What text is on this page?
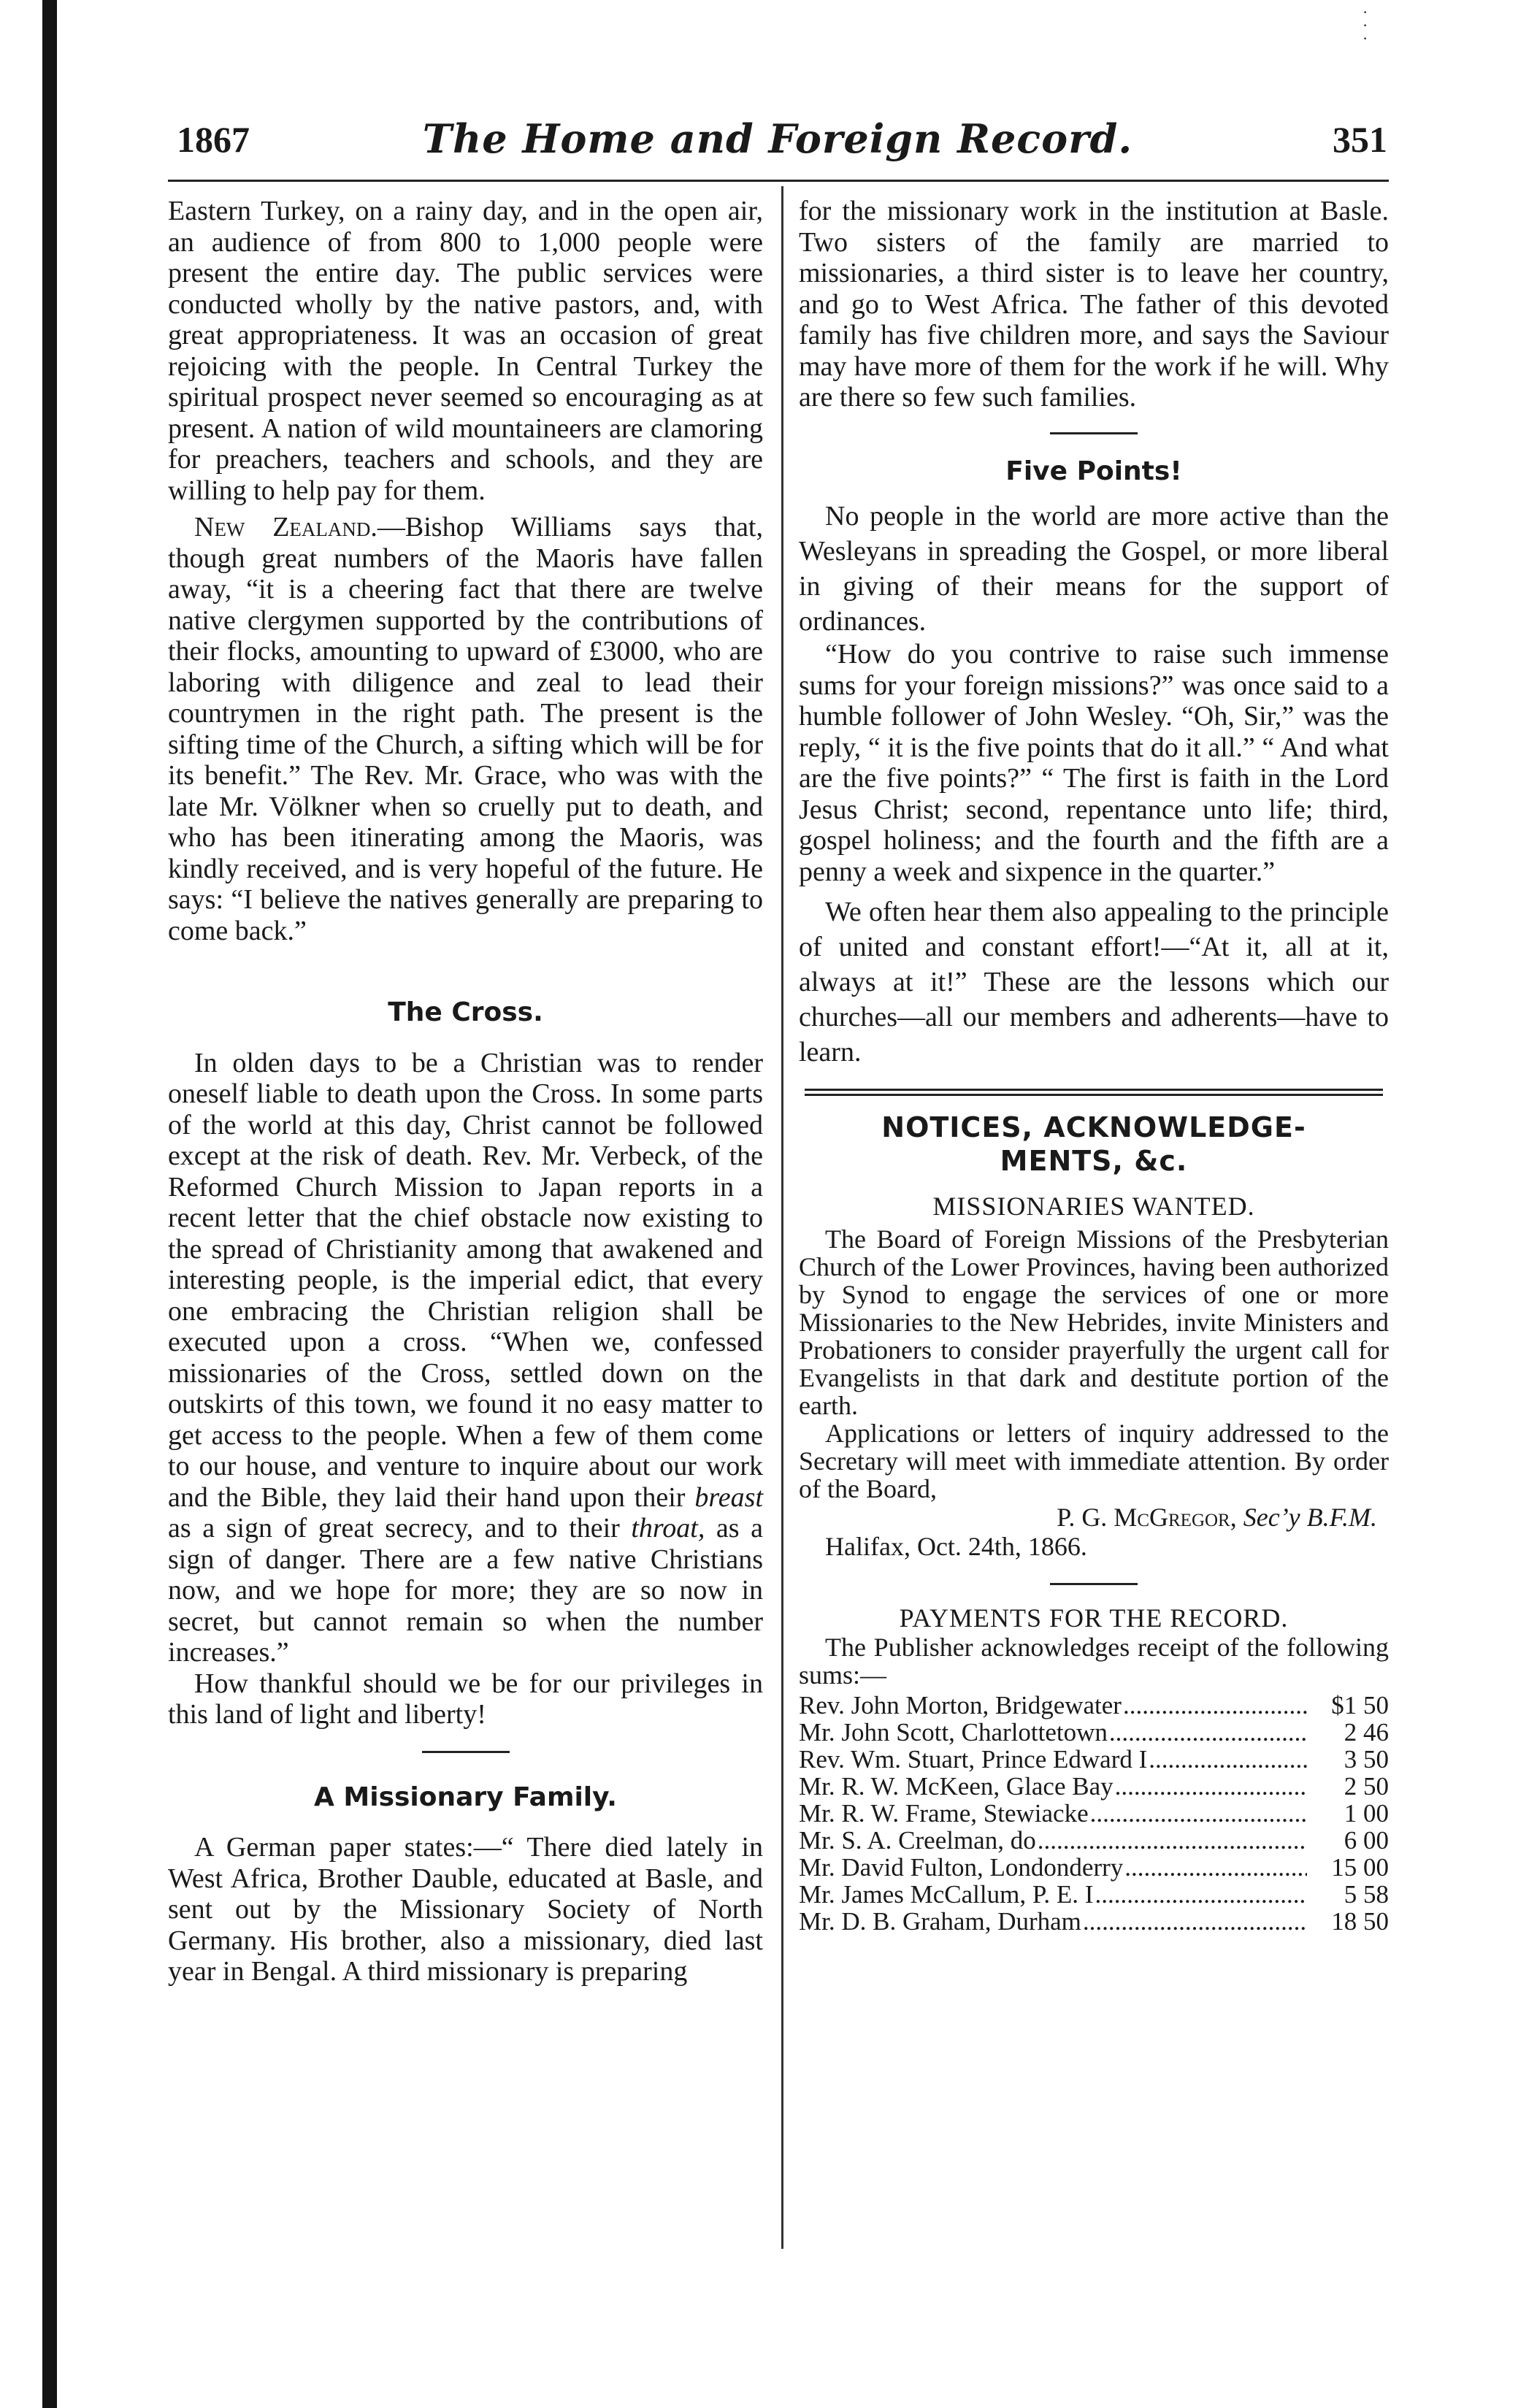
·
·
·
1867	The Home and Foreign Record.	351

Eastern Turkey, on a rainy day, and in the open air, an audience of from 800 to 1,000 people were present the entire day. The public services were conducted wholly by the native pastors, and, with great appropriateness. It was an occasion of great rejoicing with the people. In Central Turkey the spiritual prospect never seemed so encouraging as at present. A nation of wild mountaineers are clamoring for preachers, teachers and schools, and they are willing to help pay for them.

New Zealand.—Bishop Williams says that, though great numbers of the Maoris have fallen away, “it is a cheering fact that there are twelve native clergymen supported by the contributions of their flocks, amounting to upward of £3000, who are laboring with diligence and zeal to lead their countrymen in the right path. The present is the sifting time of the Church, a sifting which will be for its benefit.” The Rev. Mr. Grace, who was with the late Mr. Völkner when so cruelly put to death, and who has been itinerating among the Maoris, was kindly received, and is very hopeful of the future. He says: “I believe the natives generally are preparing to come back.”

The Cross.

In olden days to be a Christian was to render oneself liable to death upon the Cross. In some parts of the world at this day, Christ cannot be followed except at the risk of death. Rev. Mr. Verbeck, of the Reformed Church Mission to Japan reports in a recent letter that the chief obstacle now existing to the spread of Christianity among that awakened and interesting people, is the imperial edict, that every one embracing the Christian religion shall be executed upon a cross. “When we, confessed missionaries of the Cross, settled down on the outskirts of this town, we found it no easy matter to get access to the people. When a few of them come to our house, and venture to inquire about our work and the Bible, they laid their hand upon their breast as a sign of great secrecy, and to their throat, as a sign of danger. There are a few native Christians now, and we hope for more; they are so now in secret, but cannot remain so when the number increases.”

How thankful should we be for our privileges in this land of light and liberty!

A Missionary Family.

A German paper states:—“ There died lately in West Africa, Brother Dauble, educated at Basle, and sent out by the Missionary Society of North Germany. His brother, also a missionary, died last year in Bengal. A third missionary is preparing

for the missionary work in the institution at Basle. Two sisters of the family are married to missionaries, a third sister is to leave her country, and go to West Africa. The father of this devoted family has five children more, and says the Saviour may have more of them for the work if he will. Why are there so few such families.

Five Points!

No people in the world are more active than the Wesleyans in spreading the Gospel, or more liberal in giving of their means for the support of ordinances.

“How do you contrive to raise such immense sums for your foreign missions?” was once said to a humble follower of John Wesley. “Oh, Sir,” was the reply, “ it is the five points that do it all.” “ And what are the five points?” “ The first is faith in the Lord Jesus Christ; second, repentance unto life; third, gospel holiness; and the fourth and the fifth are a penny a week and sixpence in the quarter.”

We often hear them also appealing to the principle of united and constant effort!—“At it, all at it, always at it!” These are the lessons which our churches—all our members and adherents—have to learn.

NOTICES, ACKNOWLEDGE-
MENTS, &c.
MISSIONARIES WANTED.

The Board of Foreign Missions of the Presbyterian Church of the Lower Provinces, having been authorized by Synod to engage the services of one or more Missionaries to the New Hebrides, invite Ministers and Probationers to consider prayerfully the urgent call for Evangelists in that dark and destitute portion of the earth.

Applications or letters of inquiry addressed to the Secretary will meet with immediate attention. By order of the Board,

P. G. McGregor, Sec’y B.F.M.

Halifax, Oct. 24th, 1866.

PAYMENTS FOR THE RECORD.

The Publisher acknowledges receipt of the following sums:—

Rev. John Morton, Bridgewater .....	$1 50
Mr. John Scott, Charlottetown .....	2 46
Rev. Wm. Stuart, Prince Edward I .....	3 50
Mr. R. W. McKeen, Glace Bay .....	2 50
Mr. R. W. Frame, Stewiacke .....	1 00
Mr. S. A. Creelman, do .....	6 00
Mr. David Fulton, Londonderry .....	15 00
Mr. James McCallum, P. E. I .....	5 58
Mr. D. B. Graham, Durham .....	18 50
